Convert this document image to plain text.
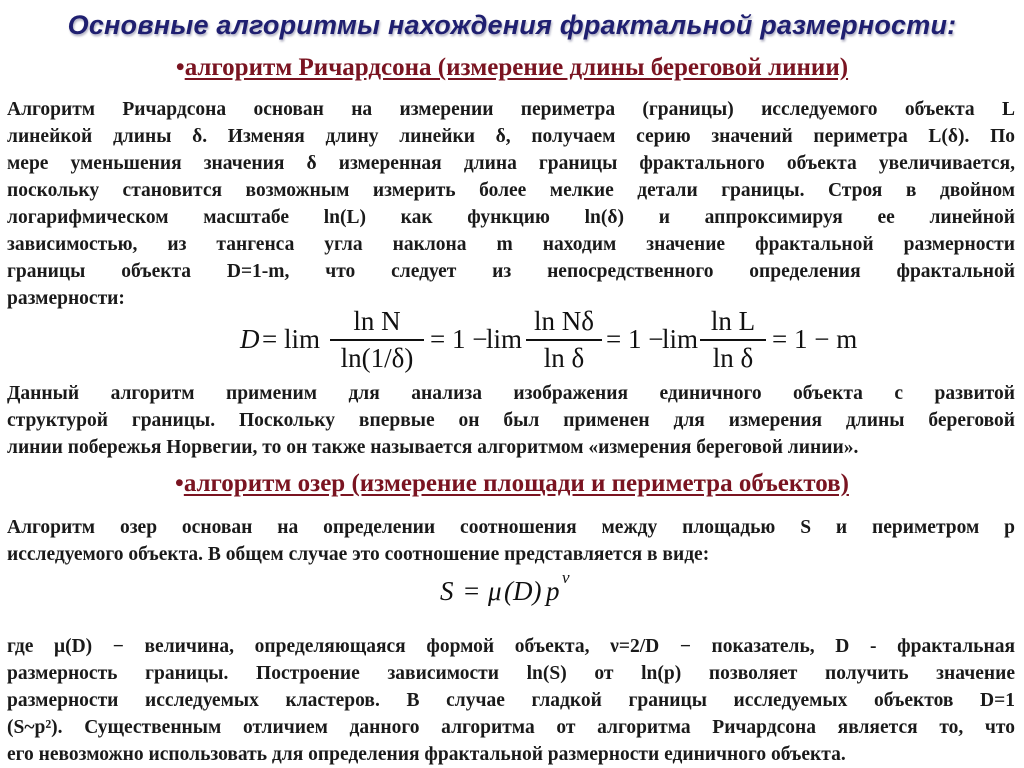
Основные алгоритмы нахождения фрактальной размерности:
•алгоритм Ричардсона (измерение длины береговой линии)
Алгоритм Ричардсона основан на измерении периметра (границы) исследуемого объекта L
линейкой длины δ. Изменяя длину линейки δ, получаем серию значений периметра L(δ). По
мере уменьшения значения δ измеренная длина границы фрактального объекта увеличивается,
поскольку становится возможным измерить более мелкие детали границы. Строя в двойном
логарифмическом масштабе ln(L) как функцию ln(δ) и аппроксимируя ее линейной
зависимостью, из тангенса угла наклона m находим значение фрактальной размерности
границы объекта D=1-m, что следует из непосредственного определения фрактальной
размерности:
D = lim
ln N
ln(1/δ)
= 1 −
lim
ln Nδ
ln δ
= 1 −
lim
ln L
ln δ
= 1 − m
Данный алгоритм применим для анализа изображения единичного объекта с развитой
структурой границы. Поскольку впервые он был применен для измерения длины береговой
линии побережья Норвегии, то он также называется алгоритмом «измерения береговой линии».
•алгоритм озер (измерение площади и периметра объектов)
Алгоритм озер основан на определении соотношения между площадью S и периметром p
исследуемого объекта. В общем случае это соотношение представляется в виде:
S = μ (D) p ν
где μ(D) − величина, определяющаяся формой объекта, ν=2/D − показатель, D - фрактальная
размерность границы. Построение зависимости ln(S) от ln(p) позволяет получить значение
размерности исследуемых кластеров. В случае гладкой границы исследуемых объектов D=1
(S~p²). Существенным отличием данного алгоритма от алгоритма Ричардсона является то, что
его невозможно использовать для определения фрактальной размерности единичного объекта.
